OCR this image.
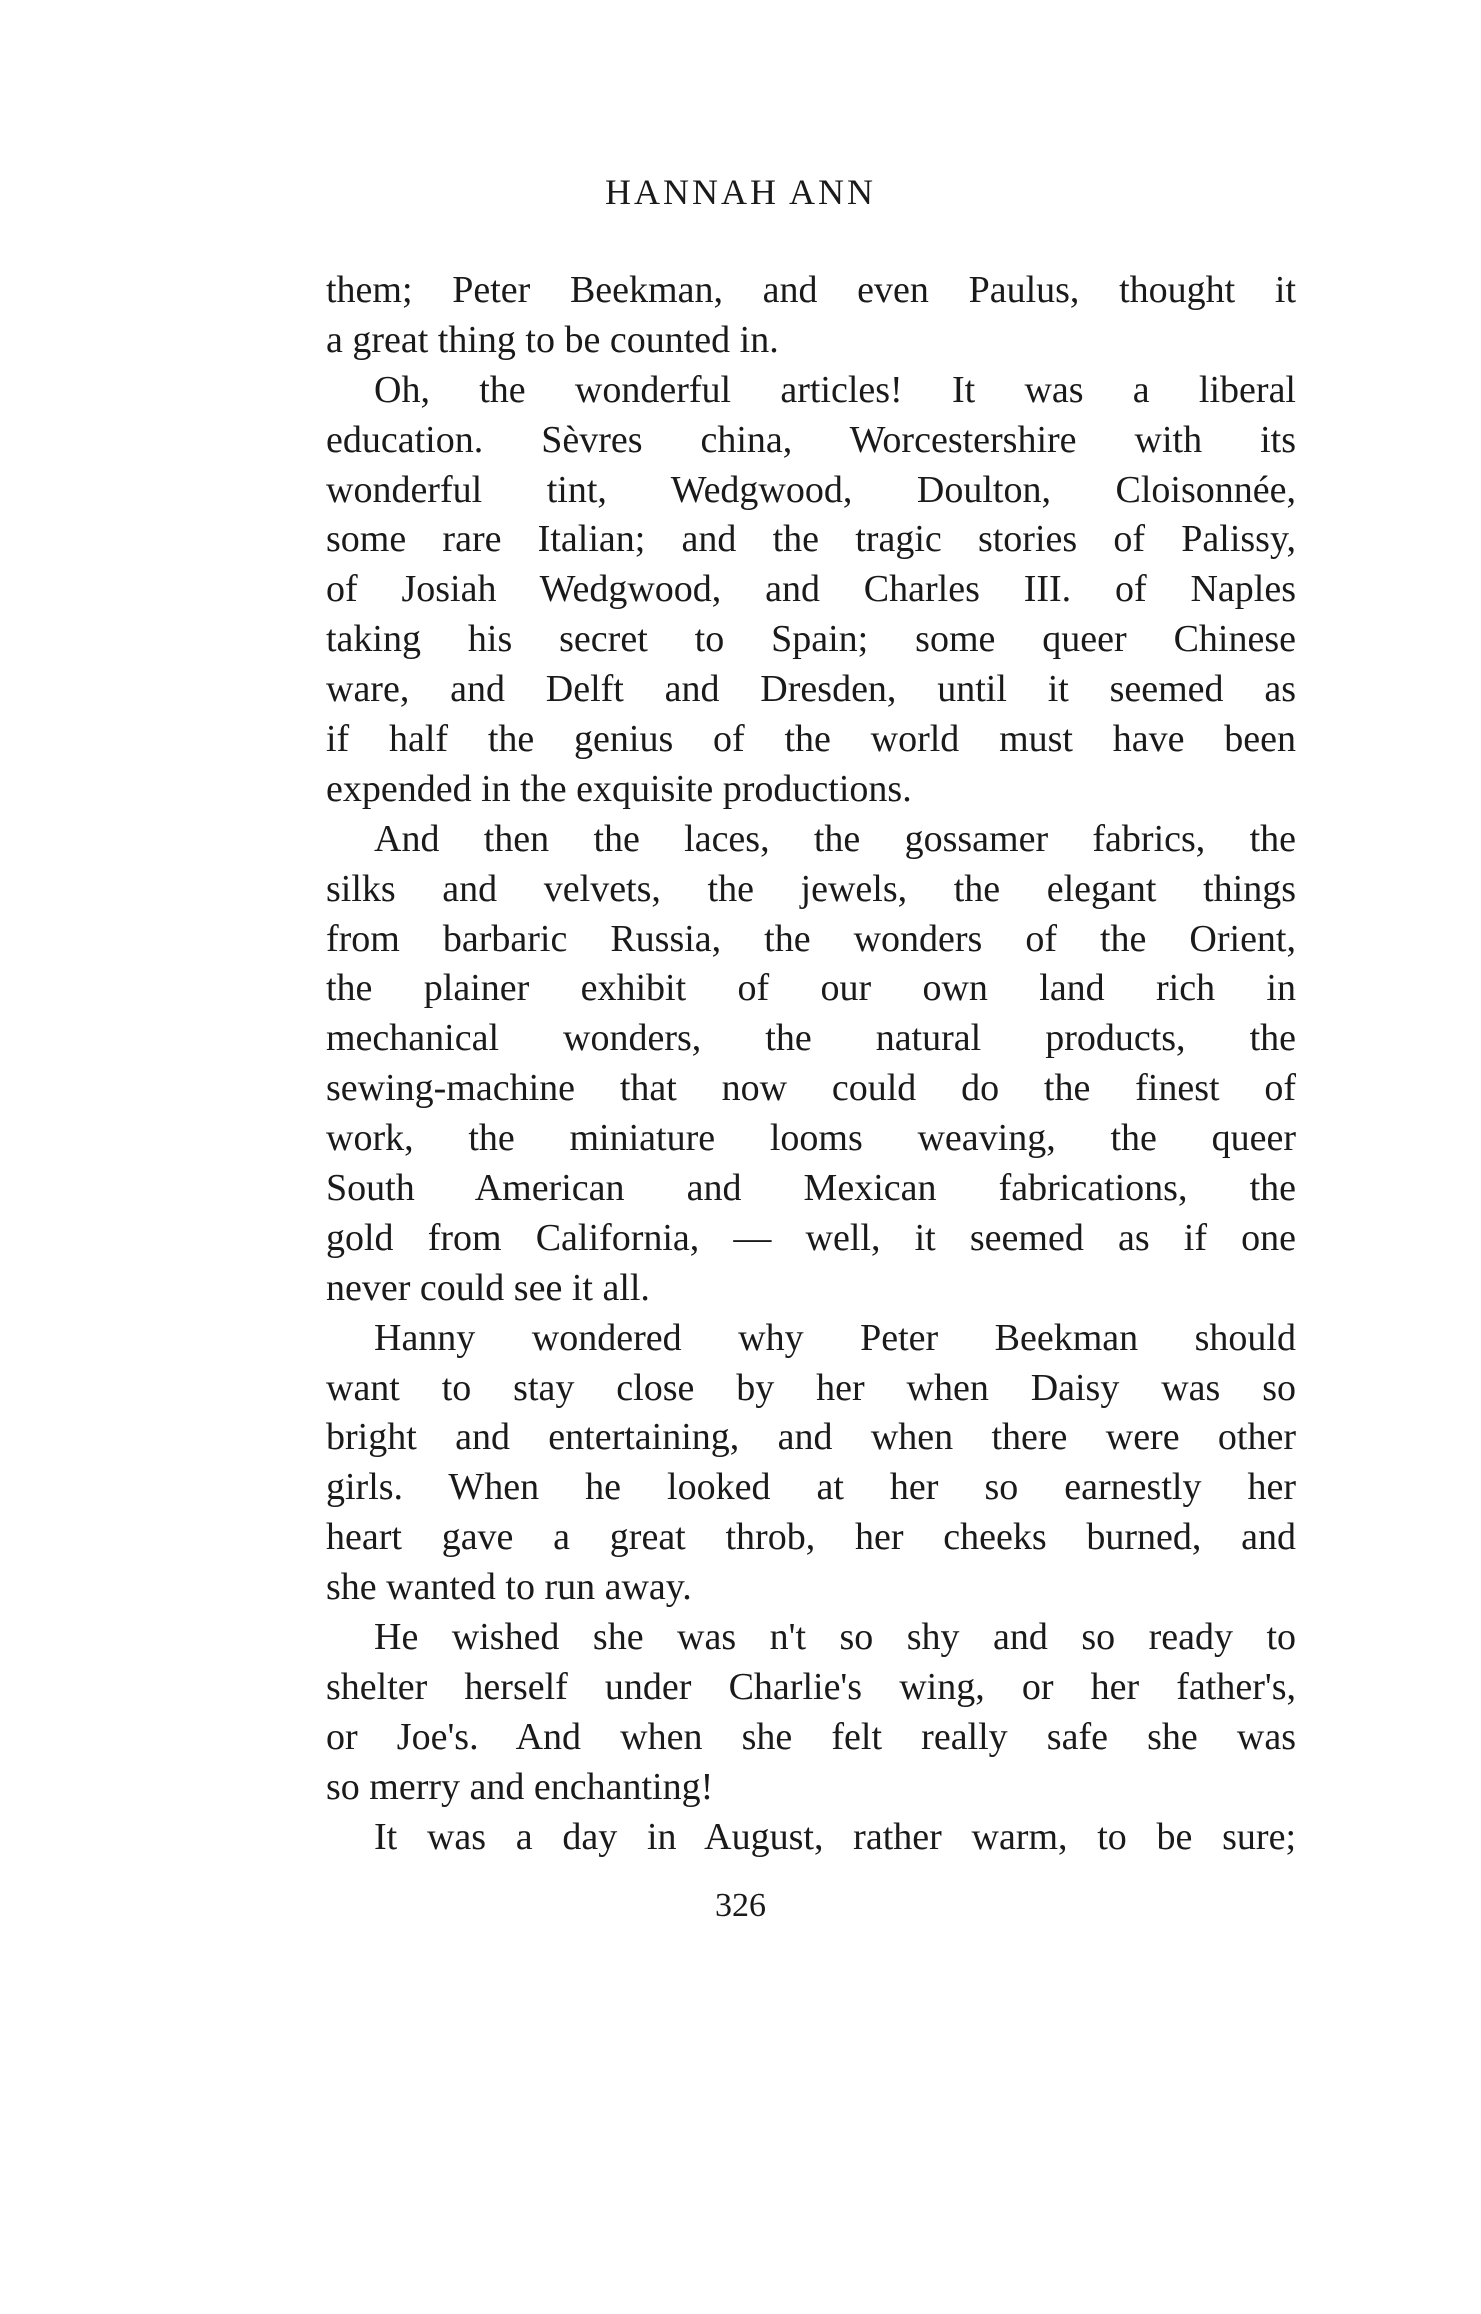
HANNAH ANN
them; Peter Beekman, and even Paulus, thought it
a great thing to be counted in.
Oh, the wonderful articles! It was a liberal
education. Sèvres china, Worcestershire with its
wonderful tint, Wedgwood, Doulton, Cloisonnée,
some rare Italian; and the tragic stories of Palissy,
of Josiah Wedgwood, and Charles III. of Naples
taking his secret to Spain; some queer Chinese
ware, and Delft and Dresden, until it seemed as
if half the genius of the world must have been
expended in the exquisite productions.
And then the laces, the gossamer fabrics, the
silks and velvets, the jewels, the elegant things
from barbaric Russia, the wonders of the Orient,
the plainer exhibit of our own land rich in
mechanical wonders, the natural products, the
sewing-machine that now could do the finest of
work, the miniature looms weaving, the queer
South American and Mexican fabrications, the
gold from California, — well, it seemed as if one
never could see it all.
Hanny wondered why Peter Beekman should
want to stay close by her when Daisy was so
bright and entertaining, and when there were other
girls. When he looked at her so earnestly her
heart gave a great throb, her cheeks burned, and
she wanted to run away.
He wished she was n't so shy and so ready to
shelter herself under Charlie's wing, or her father's,
or Joe's. And when she felt really safe she was
so merry and enchanting!
It was a day in August, rather warm, to be sure;
326
